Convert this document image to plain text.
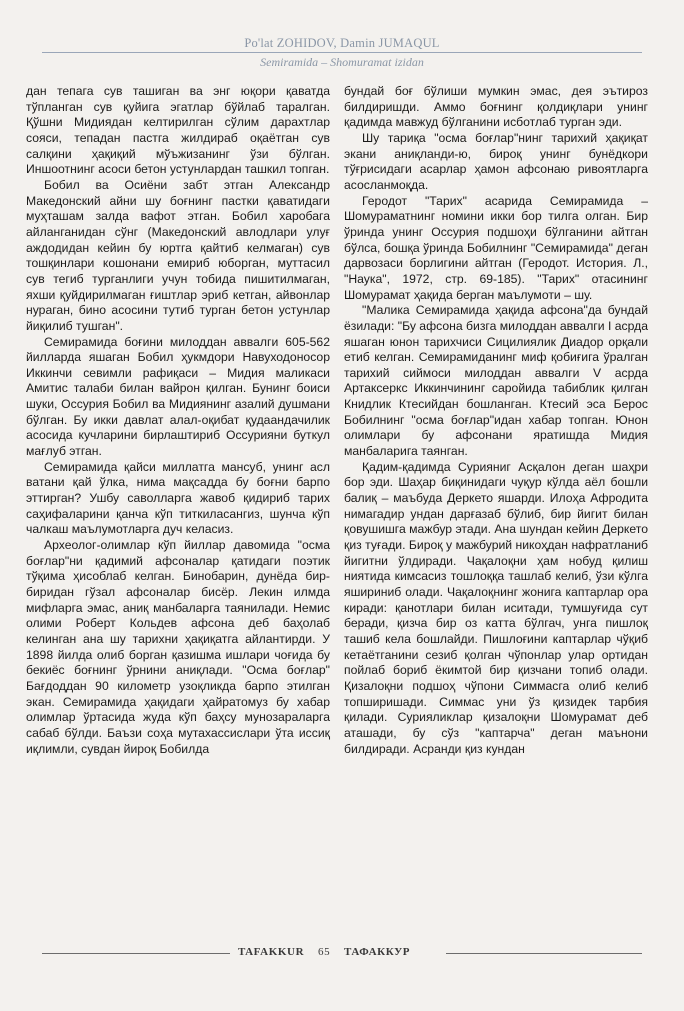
Po'lat ZOHIDOV, Damin JUMAQUL
Semiramida – Shomuramat izidan

дан тепага сув ташиган ва энг юқори қаватда тўпланган сув қуйига эгатлар бўйлаб таралган. Қўшни Мидиядан келтирилган сўлим дарахтлар сояси, тепадан пастга жилдираб оқаётган сув салқини ҳақиқий мўъжизанинг ўзи бўлган. Иншоотнинг асоси бетон устунлардан ташкил топган.

Бобил ва Осиёни забт этган Александр Македонский айни шу боғнинг пастки қаватидаги муҳташам залда вафот этган. Бобил харобага айланганидан сўнг (Македонский авлодлари улуғ аждодидан кейин бу юртга қайтиб келмаган) сув тошқинлари кошонани емириб юборган, муттасил сув тегиб турганлиги учун тобида пишитилмаган, яхши қуйдирилмаган ғиштлар эриб кетган, айвонлар нураган, бино асосини тутиб турган бетон устунлар йиқилиб тушган".

Семирамида боғини милоддан аввалги 605-562 йилларда яшаган Бобил ҳукмдори Навуходоносор Иккинчи севимли рафиқаси – Мидия маликаси Амитис талаби билан вайрон қилган. Бунинг боиси шуки, Оссурия Бобил ва Мидиянинг азалий душмани бўлган. Бу икки давлат алал-оқибат қудаандачилик асосида кучларини бирлаштириб Оссурияни буткул мағлуб этган.

Семирамида қайси миллатга мансуб, унинг асл ватани қай ўлка, нима мақсадда бу боғни барпо эттирган? Ушбу саволларга жавоб қидириб тарих саҳифаларини қанча кўп титкиласангиз, шунча кўп чалкаш маълумотларга дуч келасиз.

Археолог-олимлар кўп йиллар давомида "осма боғлар"ни қадимий афсоналар қатидаги поэтик тўқима ҳисоблаб келган. Бинобарин, дунёда бир-биридан гўзал афсоналар бисёр. Лекин илмда мифларга эмас, аниқ манбаларга таянилади. Немис олими Роберт Кольдев афсона деб баҳолаб келинган ана шу тарихни ҳақиқатга айлантирди. У 1898 йилда олиб борган қазишма ишлари чоғида бу бекиёс боғнинг ўрнини аниқлади. "Осма боғлар" Бағдоддан 90 километр узоқликда барпо этилган экан. Семирамида ҳақидаги ҳайратомуз бу хабар олимлар ўртасида жуда кўп баҳсу мунозараларга сабаб бўлди. Баъзи соҳа мутахассислари ўта иссиқ иқлимли, сувдан йироқ Бобилда

бундай боғ бўлиши мумкин эмас, дея эътироз билдиришди. Аммо боғнинг қолдиқлари унинг қадимда мавжуд бўлганини исботлаб турган эди.

Шу тариқа "осма боғлар"нинг тарихий ҳақиқат экани аниқланди-ю, бироқ унинг бунёдкори тўғрисидаги асарлар ҳамон афсонаю ривоятларга асосланмоқда.

Геродот "Тарих" асарида Семирамида – Шомураматнинг номини икки бор тилга олган. Бир ўринда унинг Оссурия подшоҳи бўлганини айтган бўлса, бошқа ўринда Бобилнинг "Семирамида" деган дарвозаси борлигини айтган (Геродот. История. Л., "Наука", 1972, стр. 69-185). "Тарих" отасининг Шомурамат ҳақида берган маълумоти – шу.

"Малика Семирамида ҳақида афсона"да бундай ёзилади: "Бу афсона бизга милоддан аввалги I асрда яшаган юнон тарихчиси Сицилиялик Диадор орқали етиб келган. Семирамиданинг миф қобиғига ўралган тарихий сиймоси милоддан аввалги V асрда Артаксеркс Иккинчининг саройида табиблик қилган Книдлик Ктесийдан бошланган. Ктесий эса Берос Бобилнинг "осма боғлар"идан хабар топган. Юнон олимлари бу афсонани яратишда Мидия манбаларига таянган.

Қадим-қадимда Сурияниг Асқалон деган шаҳри бор эди. Шаҳар биқинидаги чуқур кўлда аёл бошли балиқ – маъбуда Деркето яшарди. Илоҳа Афродита нимагадир ундан дарғазаб бўлиб, бир йигит билан қовушишга мажбур этади. Ана шундан кейин Деркето қиз туғади. Бироқ у мажбурий никоҳдан нафратланиб йигитни ўлдиради. Чақалоқни ҳам нобуд қилиш ниятида кимсасиз тошлоққа ташлаб келиб, ўзи кўлга яшириниб олади. Чақалоқнинг жонига каптарлар ора киради: қанотлари билан иситади, тумшуғида сут беради, қизча бир оз катта бўлгач, унга пишлоқ ташиб кела бошлайди. Пишлоғини каптарлар чўқиб кетаётганини сезиб қолган чўпонлар улар ортидан пойлаб бориб ёкимтой бир қизчани топиб олади. Қизалоқни подшоҳ чўпони Симмасга олиб келиб топширишади. Симмас уни ўз қизидек тарбия қилади. Сурияликлар қизалоқни Шомурамат деб аташади, бу сўз "каптарча" деган маънони билдиради. Асранди қиз кундан

TAFAKKUR 65 ТАФАККУР
